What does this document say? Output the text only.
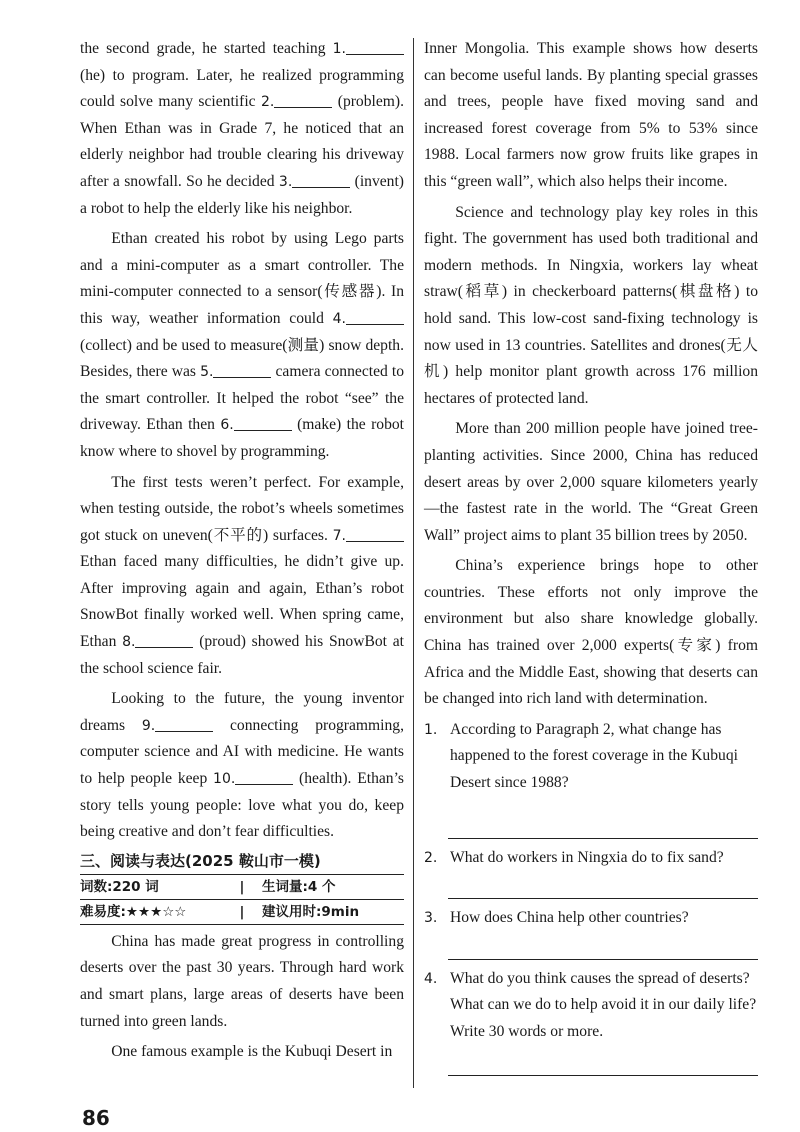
the second grade, he started teaching 1. (he) to program. Later, he realized programming could solve many scientific 2.	(problem). When Ethan was in Grade 7, he noticed that an elderly neighbor had trouble clearing his driveway after a snowfall. So he decided 3.	(invent) a robot to help the elderly like his neighbor.

Ethan created his robot by using Lego parts and a mini-computer as a smart controller. The mini-computer connected to a sensor(传感器). In this way, weather information could 4. (collect) and be used to measure(测量) snow depth. Besides, there was 5.	camera connected to the smart controller. It helped the robot “see” the driveway. Ethan then 6.	(make) the robot know where to shovel by programming.

The first tests weren’t perfect. For example, when testing outside, the robot’s wheels sometimes got stuck on uneven(不平的) surfaces. 7. Ethan faced many difficulties, he didn’t give up. After improving again and again, Ethan’s robot SnowBot finally worked well. When spring came, Ethan 8.	(proud) showed his SnowBot at the school science fair.

Looking to the future, the young inventor dreams 9.	connecting programming, computer science and AI with medicine. He wants to help people keep 10.	(health). Ethan’s story tells young people: love what you do, keep being creative and don’t fear difficulties.

三、阅读与表达(2025 鞍山市一模)
词数:220 词	|	生词量:4 个
难易度:★★★☆☆	|	建议用时:9min

China has made great progress in controlling deserts over the past 30 years. Through hard work and smart plans, large areas of deserts have been turned into green lands.

One famous example is the Kubuqi Desert in

Inner Mongolia. This example shows how deserts can become useful lands. By planting special grasses and trees, people have fixed moving sand and increased forest coverage from 5% to 53% since 1988. Local farmers now grow fruits like grapes in this “green wall”, which also helps their income.

Science and technology play key roles in this fight. The government has used both traditional and modern methods. In Ningxia, workers lay wheat straw(稻草) in checkerboard patterns(棋盘格) to hold sand. This low-cost sand-fixing technology is now used in 13 countries. Satellites and drones(无人机) help monitor plant growth across 176 million hectares of protected land.

More than 200 million people have joined tree-planting activities. Since 2000, China has reduced desert areas by over 2,000 square kilometers yearly—the fastest rate in the world. The “Great Green Wall” project aims to plant 35 billion trees by 2050.

China’s experience brings hope to other countries. These efforts not only improve the environment but also share knowledge globally. China has trained over 2,000 experts(专家) from Africa and the Middle East, showing that deserts can be changed into rich land with determination.

1. According to Paragraph 2, what change has happened to the forest coverage in the Kubuqi Desert since 1988?
2. What do workers in Ningxia do to fix sand?
3. How does China help other countries?
4. What do you think causes the spread of deserts? What can we do to help avoid it in our daily life? Write 30 words or more.
86
